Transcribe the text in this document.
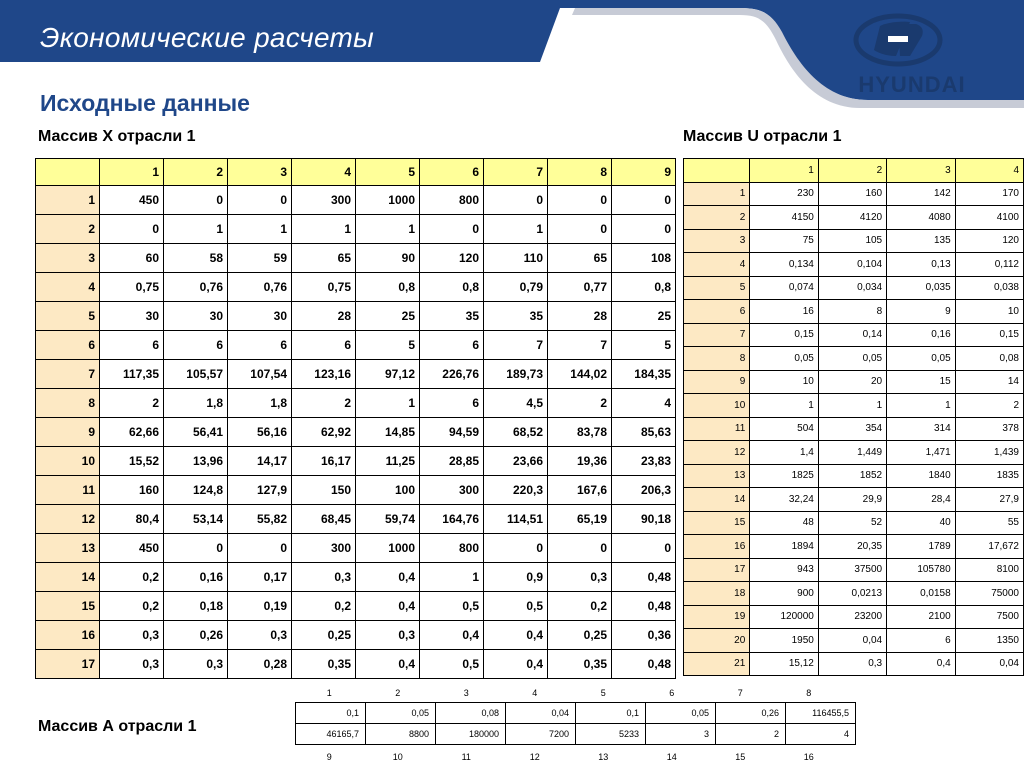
Экономические расчеты
HYUNDAI
Исходные данные
Массив X отрасли 1
	1	2	3	4	5	6	7	8	9
1	450	0	0	300	1000	800	0	0	0
2	0	1	1	1	1	0	1	0	0
3	60	58	59	65	90	120	110	65	108
4	0,75	0,76	0,76	0,75	0,8	0,8	0,79	0,77	0,8
5	30	30	30	28	25	35	35	28	25
6	6	6	6	6	5	6	7	7	5
7	117,35	105,57	107,54	123,16	97,12	226,76	189,73	144,02	184,35
8	2	1,8	1,8	2	1	6	4,5	2	4
9	62,66	56,41	56,16	62,92	14,85	94,59	68,52	83,78	85,63
10	15,52	13,96	14,17	16,17	11,25	28,85	23,66	19,36	23,83
11	160	124,8	127,9	150	100	300	220,3	167,6	206,3
12	80,4	53,14	55,82	68,45	59,74	164,76	114,51	65,19	90,18
13	450	0	0	300	1000	800	0	0	0
14	0,2	0,16	0,17	0,3	0,4	1	0,9	0,3	0,48
15	0,2	0,18	0,19	0,2	0,4	0,5	0,5	0,2	0,48
16	0,3	0,26	0,3	0,25	0,3	0,4	0,4	0,25	0,36
17	0,3	0,3	0,28	0,35	0,4	0,5	0,4	0,35	0,48
Массив U отрасли 1
	1	2	3	4
1	230	160	142	170
2	4150	4120	4080	4100
3	75	105	135	120
4	0,134	0,104	0,13	0,112
5	0,074	0,034	0,035	0,038
6	16	8	9	10
7	0,15	0,14	0,16	0,15
8	0,05	0,05	0,05	0,08
9	10	20	15	14
10	1	1	1	2
11	504	354	314	378
12	1,4	1,449	1,471	1,439
13	1825	1852	1840	1835
14	32,24	29,9	28,4	27,9
15	48	52	40	55
16	1894	20,35	1789	17,672
17	943	37500	105780	8100
18	900	0,0213	0,0158	75000
19	120000	23200	2100	7500
20	1950	0,04	6	1350
21	15,12	0,3	0,4	0,04
Массив А отрасли 1
1	2	3	4	5	6	7	8
0,1	0,05	0,08	0,04	0,1	0,05	0,26	116455,5
46165,7	8800	180000	7200	5233	3	2	4
9	10	11	12	13	14	15	16
